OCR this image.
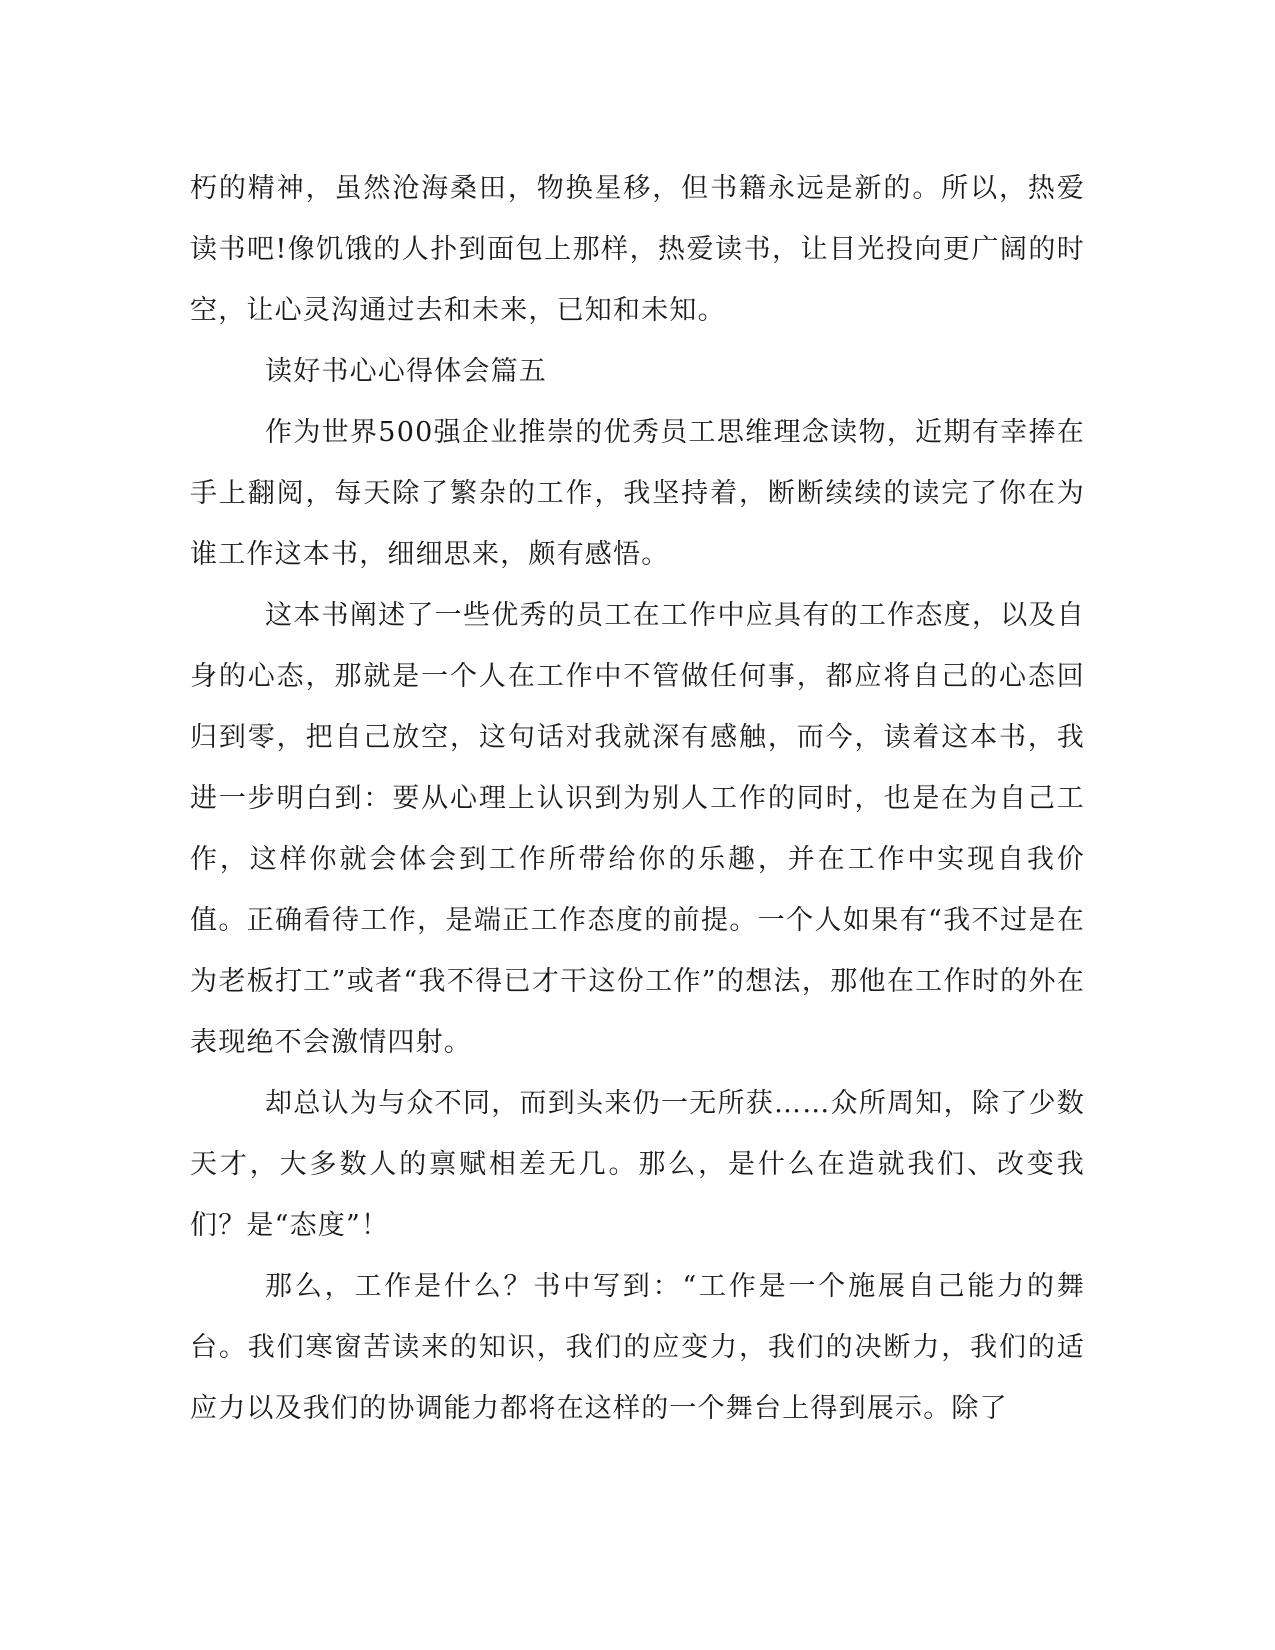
朽的精神，虽然沧海桑田，物换星移，但书籍永远是新的。所以，热爱读书吧!像饥饿的人扑到面包上那样，热爱读书，让目光投向更广阔的时空，让心灵沟通过去和未来，已知和未知。

读好书心心得体会篇五

作为世界500强企业推崇的优秀员工思维理念读物，近期有幸捧在手上翻阅，每天除了繁杂的工作，我坚持着，断断续续的读完了你在为谁工作这本书，细细思来，颇有感悟。

这本书阐述了一些优秀的员工在工作中应具有的工作态度，以及自身的心态，那就是一个人在工作中不管做任何事，都应将自己的心态回归到零，把自己放空，这句话对我就深有感触，而今，读着这本书，我进一步明白到：要从心理上认识到为别人工作的同时，也是在为自己工作，这样你就会体会到工作所带给你的乐趣，并在工作中实现自我价值。正确看待工作，是端正工作态度的前提。一个人如果有“我不过是在为老板打工”或者“我不得已才干这份工作”的想法，那他在工作时的外在表现绝不会激情四射。

却总认为与众不同，而到头来仍一无所获……众所周知，除了少数天才，大多数人的禀赋相差无几。那么，是什么在造就我们、改变我们？是“态度”！

那么，工作是什么？书中写到：“工作是一个施展自己能力的舞台。我们寒窗苦读来的知识，我们的应变力，我们的决断力，我们的适应力以及我们的协调能力都将在这样的一个舞台上得到展示。除了
